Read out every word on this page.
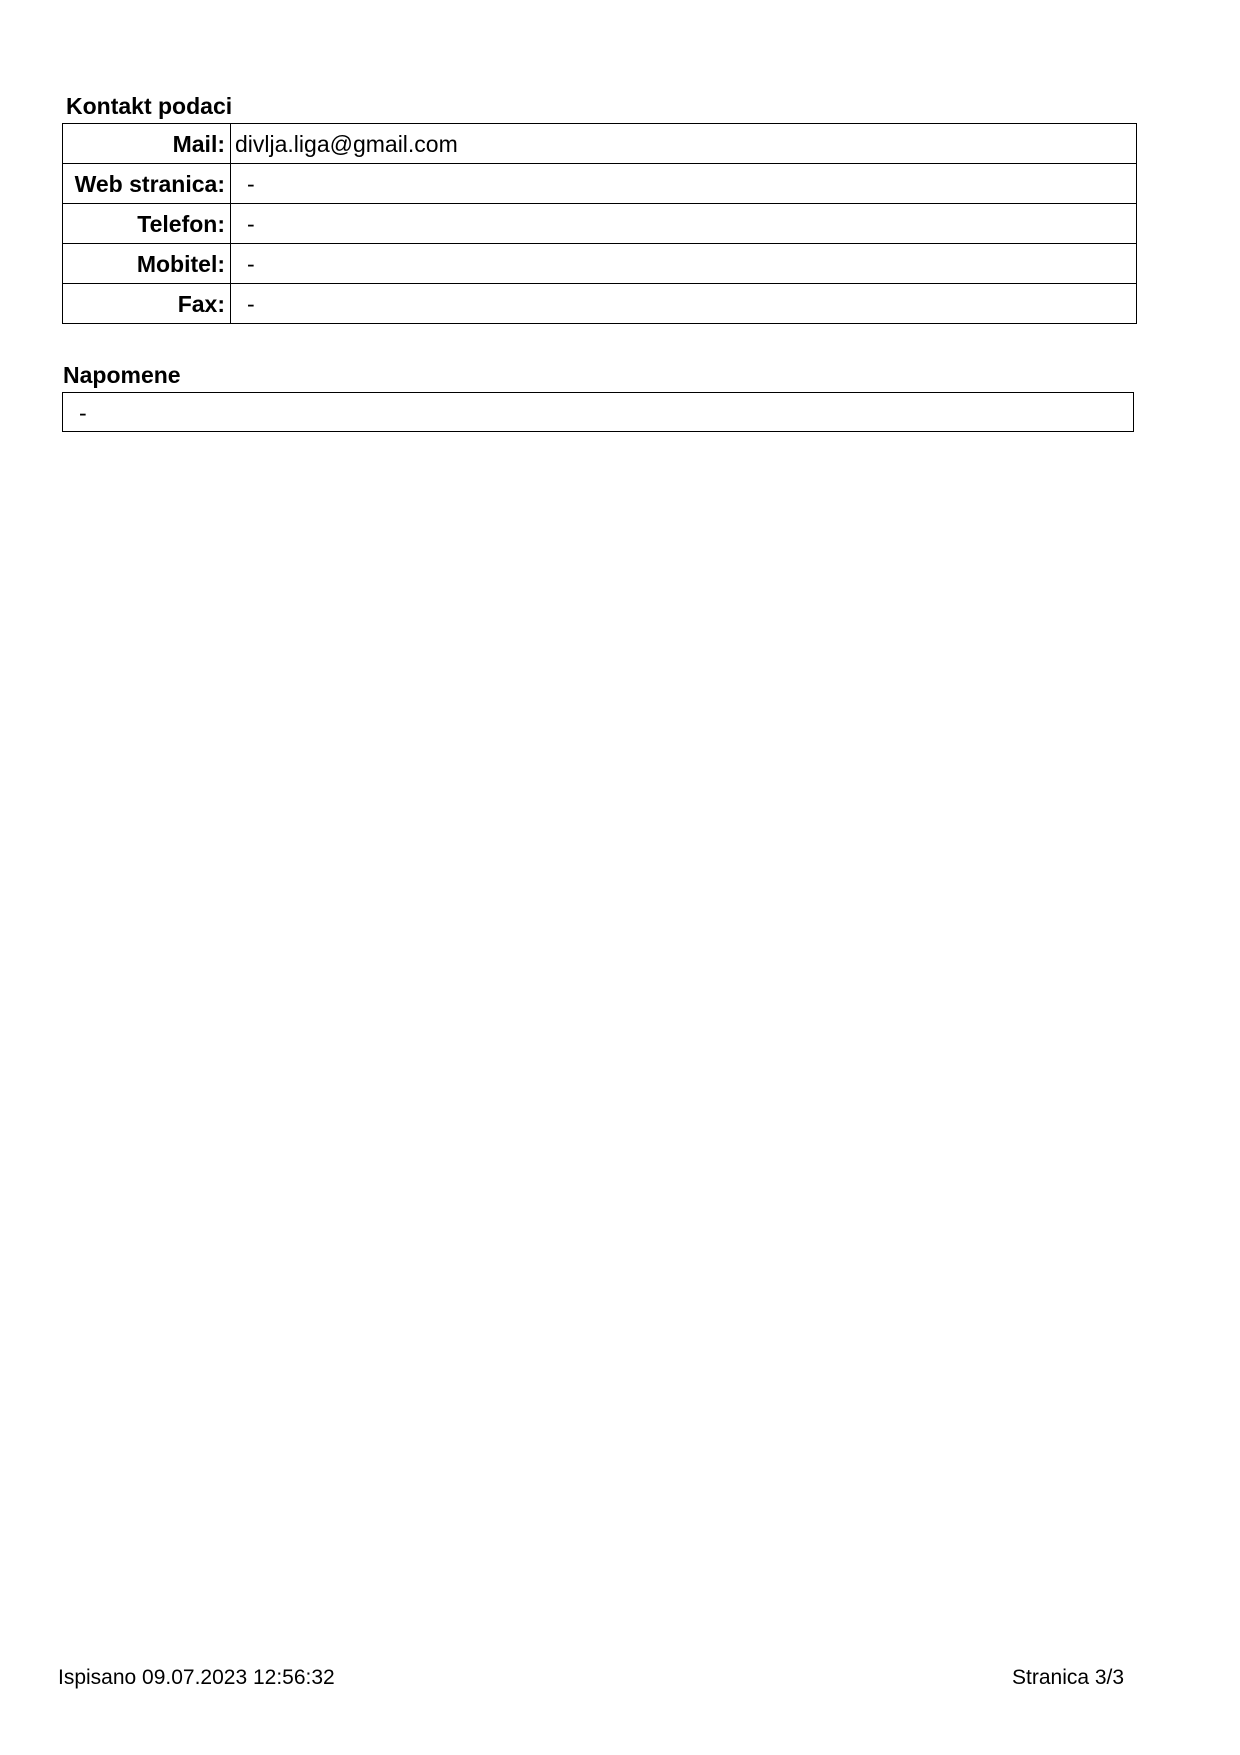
Kontakt podaci
Mail:	divlja.liga@gmail.com
Web stranica:	-
Telefon:	-
Mobitel:	-
Fax:	-
Napomene
-
Ispisano 09.07.2023 12:56:32	Stranica 3/3
